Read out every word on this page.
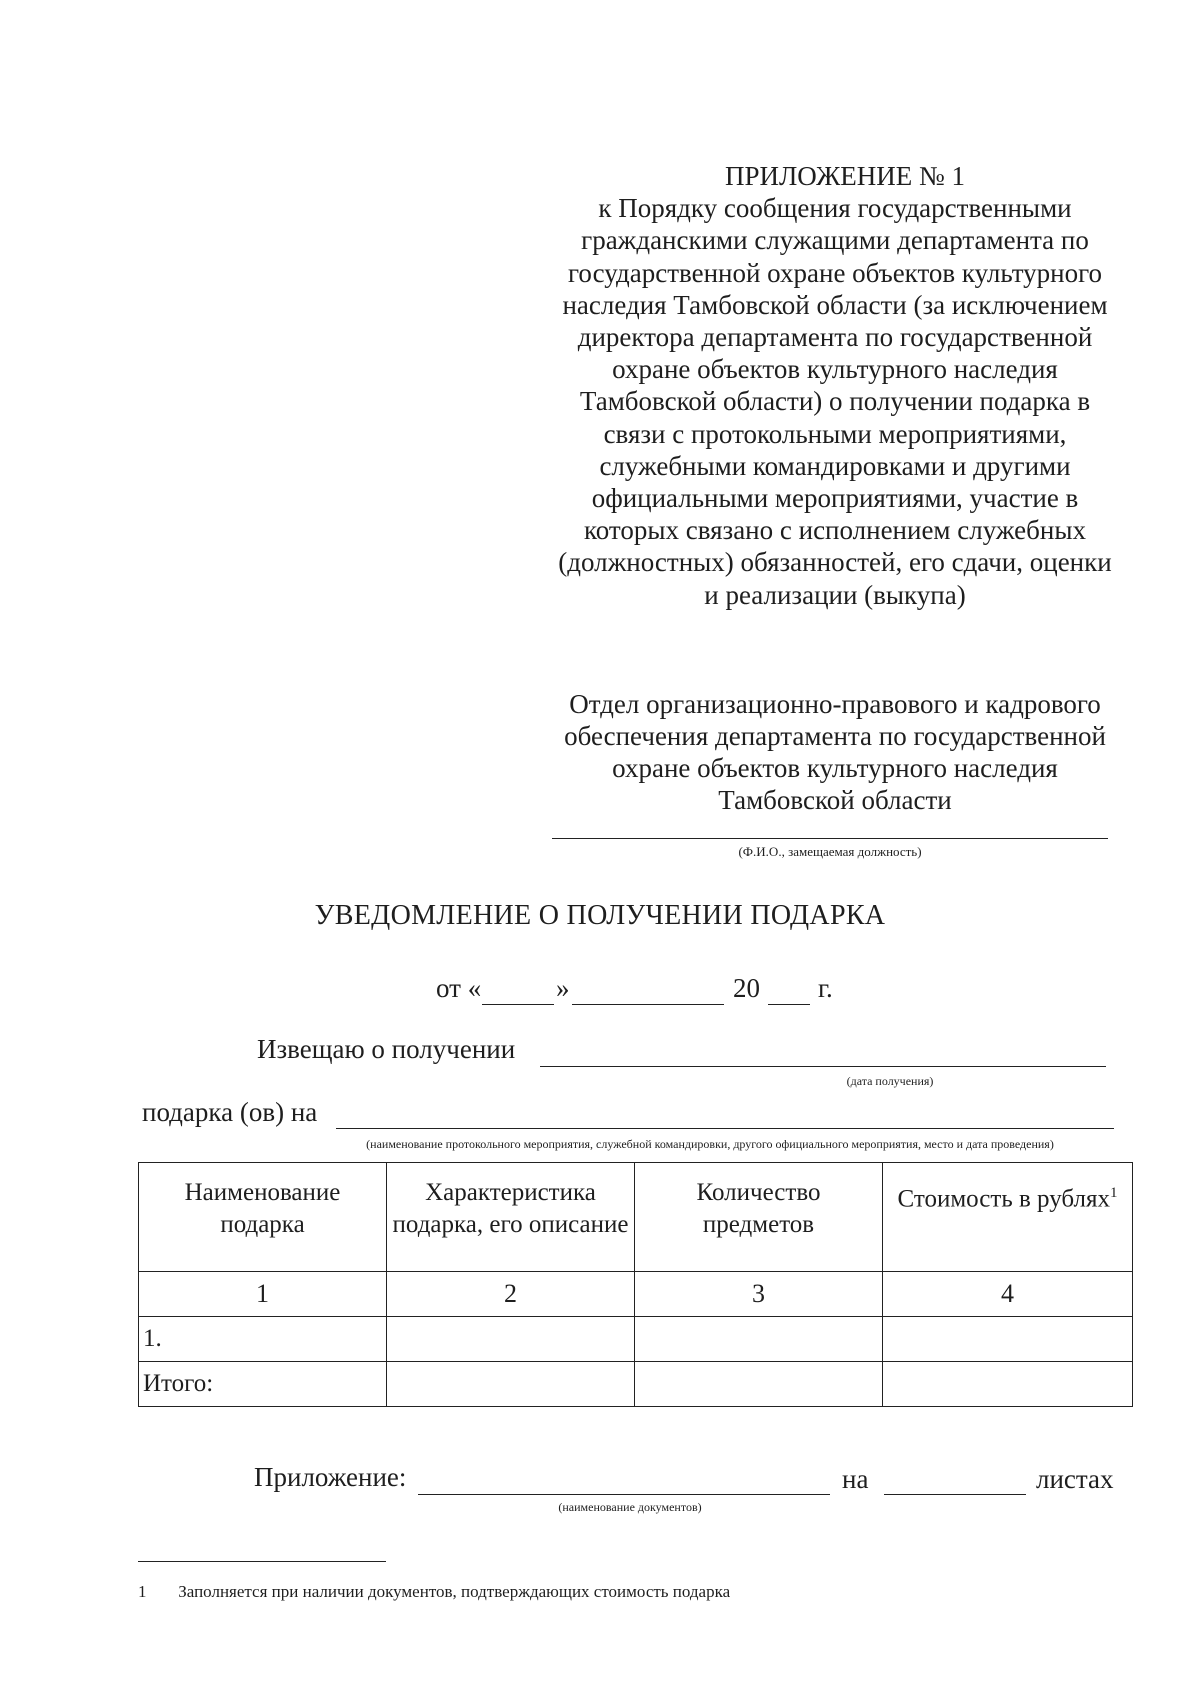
ПРИЛОЖЕНИЕ № 1
к Порядку сообщения государственными
гражданскими служащими департамента по
государственной охране объектов культурного
наследия Тамбовской области (за исключением
директора департамента по государственной
охране объектов культурного наследия
Тамбовской области) о получении подарка в
связи с протокольными мероприятиями,
служебными командировками и другими
официальными мероприятиями, участие в
которых связано с исполнением служебных
(должностных) обязанностей, его сдачи, оценки
и реализации (выкупа)
Отдел организационно-правового и кадрового
обеспечения департамента по государственной
охране объектов культурного наследия
Тамбовской области
(Ф.И.О., замещаемая должность)
УВЕДОМЛЕНИЕ О ПОЛУЧЕНИИ ПОДАРКА
от «	»	20 г.
Извещаю о получении
(дата получения)
подарка (ов) на
(наименование протокольного мероприятия, служебной командировки, другого официального мероприятия, место и дата проведения)
Наименование подарка	Характеристика подарка, его описание	Количество предметов	Стоимость в рублях$^1$
1	2	3	4
1.			
Итого:			
Приложение:	на	листах
(наименование документов)
1 Заполняется при наличии документов, подтверждающих стоимость подарка
